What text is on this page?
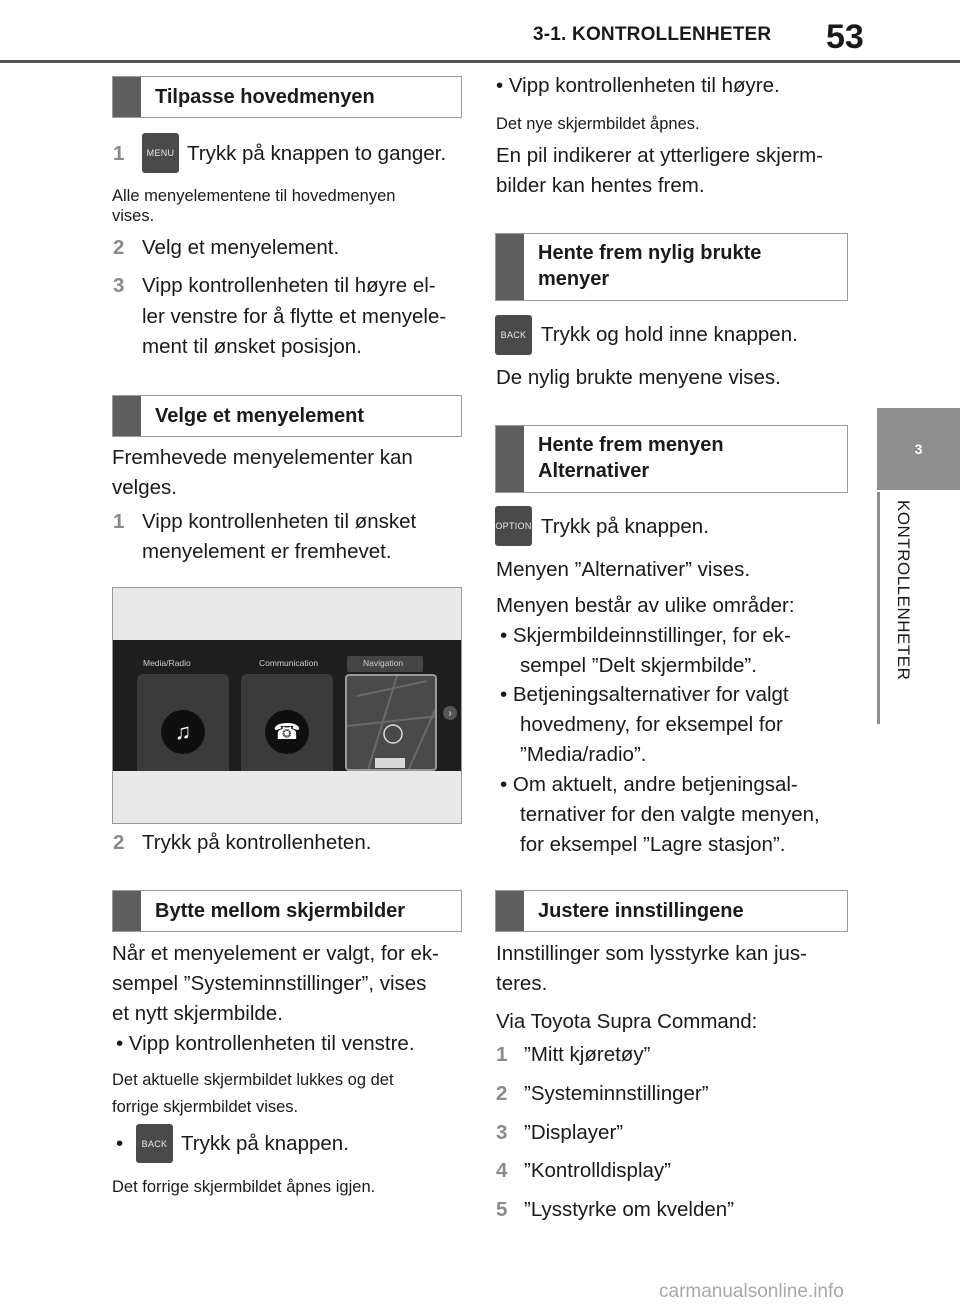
3-1. KONTROLLENHETER 53
3
KONTROLLENHETER
Tilpasse hovedmenyen
1 MENU Trykk på knappen to ganger.
Alle menyelementene til hovedmenyen
vises.
2 Velg et menyelement.
3 Vipp kontrollenheten til høyre el-
ler venstre for å flytte et menyele-
ment til ønsket posisjon.
Velge et menyelement
Fremhevede menyelementer kan
velges.
1 Vipp kontrollenheten til ønsket
menyelement er fremhevet.
Media/Radio	Communication	Navigation
♫	☎
›
2 Trykk på kontrollenheten.
Bytte mellom skjermbilder
Når et menyelement er valgt, for ek-
sempel ”Systeminnstillinger”, vises
et nytt skjermbilde.
• Vipp kontrollenheten til venstre.
Det aktuelle skjermbildet lukkes og det
forrige skjermbildet vises.
• BACK Trykk på knappen.
Det forrige skjermbildet åpnes igjen.
• Vipp kontrollenheten til høyre.
Det nye skjermbildet åpnes.
En pil indikerer at ytterligere skjerm-
bilder kan hentes frem.
Hente frem nylig brukte
menyer
BACK Trykk og hold inne knappen.
De nylig brukte menyene vises.
Hente frem menyen
Alternativer
OPTION Trykk på knappen.
Menyen ”Alternativer” vises.
Menyen består av ulike områder:
• Skjermbildeinnstillinger, for ek-
sempel ”Delt skjermbilde”.
• Betjeningsalternativer for valgt
hovedmeny, for eksempel for
”Media/radio”.
• Om aktuelt, andre betjeningsal-
ternativer for den valgte menyen,
for eksempel ”Lagre stasjon”.
Justere innstillingene
Innstillinger som lysstyrke kan jus-
teres.
Via Toyota Supra Command:
1 ”Mitt kjøretøy”
2 ”Systeminnstillinger”
3 ”Displayer”
4 ”Kontrolldisplay”
5 ”Lysstyrke om kvelden”
carmanualsonline.info
